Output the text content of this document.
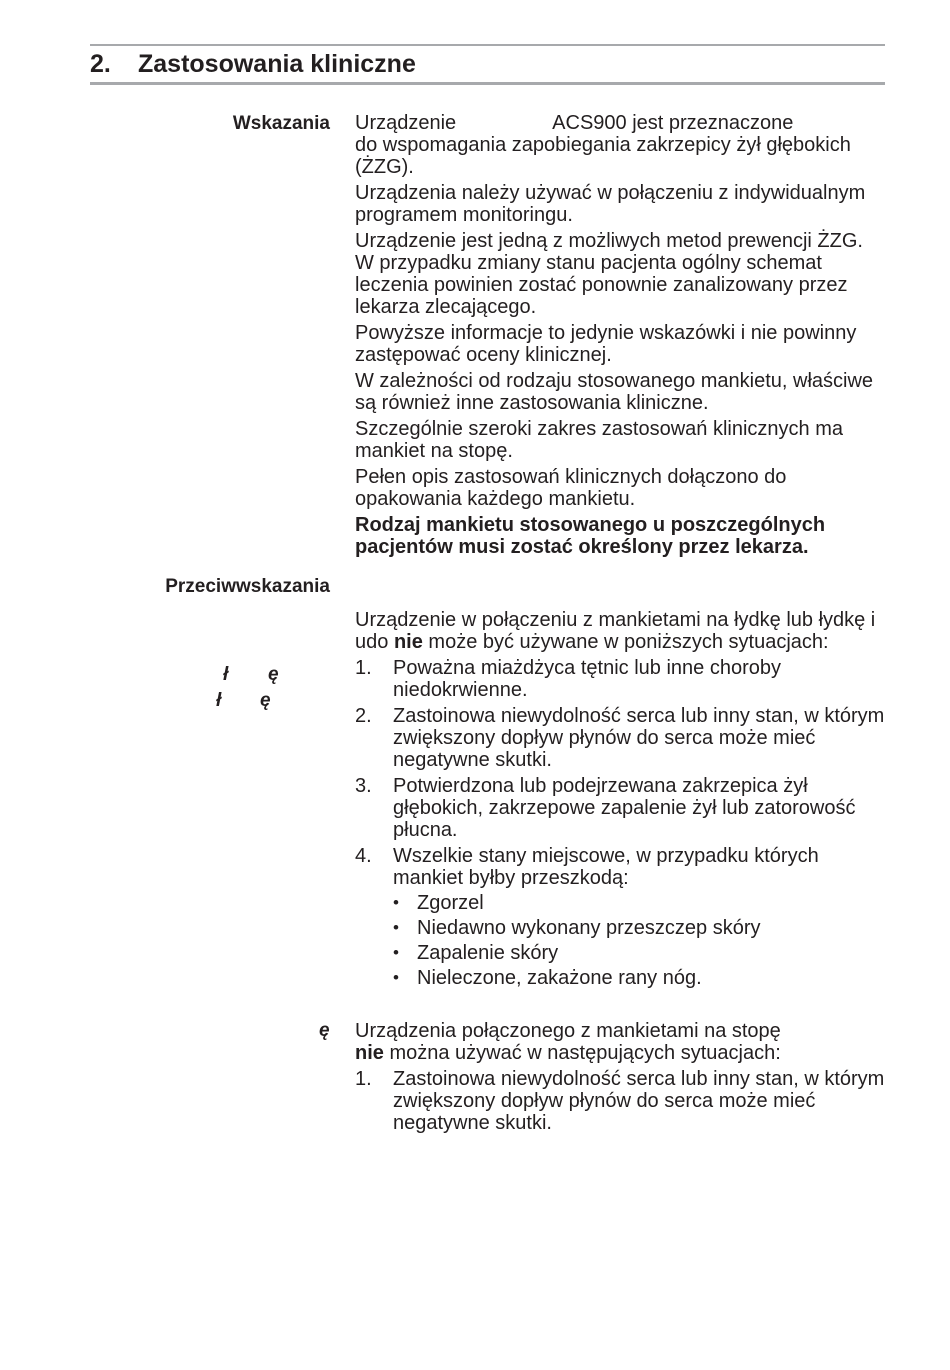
2. Zastosowania kliniczne
Wskazania
Przeciwwskazania
ł ę
ł ę
ę

Urządzenie	ACS900 jest przeznaczone
do wspomagania zapobiegania zakrzepicy żył głębokich (ŻZG).

Urządzenia należy używać w połączeniu z indywidualnym programem monitoringu.

Urządzenie jest jedną z możliwych metod prewencji ŻZG. W przypadku zmiany stanu pacjenta ogólny schemat leczenia powinien zostać ponownie zanalizowany przez lekarza zlecającego.

Powyższe informacje to jedynie wskazówki i nie powinny zastępować oceny klinicznej.

W zależności od rodzaju stosowanego mankietu, właściwe są również inne zastosowania kliniczne.

Szczególnie szeroki zakres zastosowań klinicznych ma mankiet na stopę.

Pełen opis zastosowań klinicznych dołączono do opakowania każdego mankietu.

Rodzaj mankietu stosowanego u poszczególnych pacjentów musi zostać określony przez lekarza.

Urządzenie w połączeniu z mankietami na łydkę lub łydkę i udo nie może być używane w poniższych sytuacjach:

1. Poważna miażdżyca tętnic lub inne choroby niedokrwienne.
2. Zastoinowa niewydolność serca lub inny stan, w którym zwiększony dopływ płynów do serca może mieć negatywne skutki.
3. Potwierdzona lub podejrzewana zakrzepica żył głębokich, zakrzepowe zapalenie żył lub zatorowość płucna.
4. Wszelkie stany miejscowe, w przypadku których mankiet byłby przeszkodą:
• Zgorzel
• Niedawno wykonany przeszczep skóry
• Zapalenie skóry
• Nieleczone, zakażone rany nóg.

Urządzenia połączonego z mankietami na stopę
nie można używać w następujących sytuacjach:

1. Zastoinowa niewydolność serca lub inny stan, w którym zwiększony dopływ płynów do serca może mieć negatywne skutki.
